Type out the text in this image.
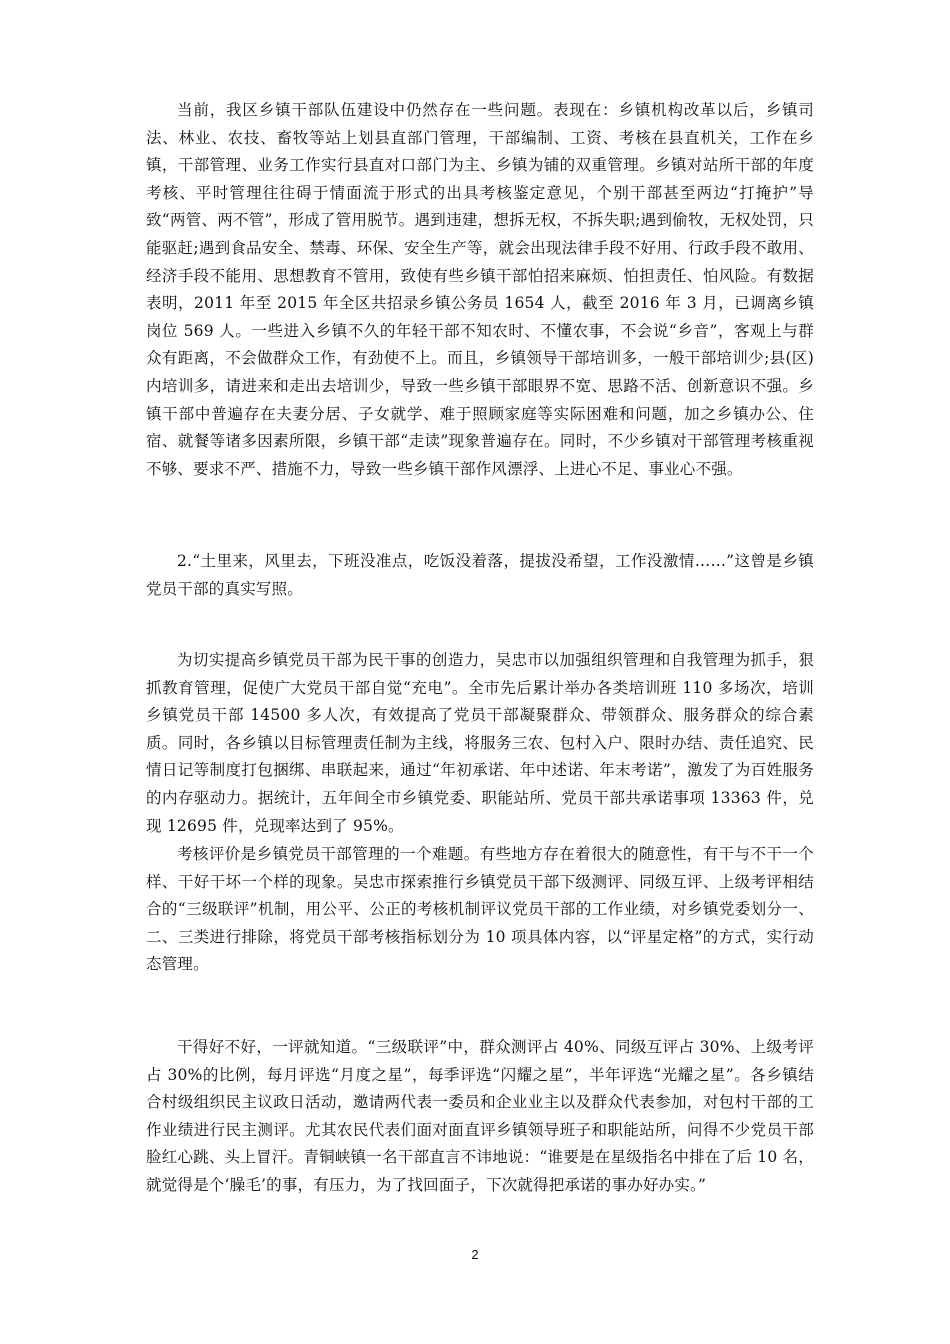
当前，我区乡镇干部队伍建设中仍然存在一些问题。表现在：乡镇机构改革以后，乡镇司法、林业、农技、畜牧等站上划县直部门管理，干部编制、工资、考核在县直机关，工作在乡镇，干部管理、业务工作实行县直对口部门为主、乡镇为铺的双重管理。乡镇对站所干部的年度考核、平时管理往往碍于情面流于形式的出具考核鉴定意见，个别干部甚至两边“打掩护”导致“两管、两不管”，形成了管用脱节。遇到违建，想拆无权，不拆失职;遇到偷牧，无权处罚，只能驱赶;遇到食品安全、禁毒、环保、安全生产等，就会出现法律手段不好用、行政手段不敢用、经济手段不能用、思想教育不管用，致使有些乡镇干部怕招来麻烦、怕担责任、怕风险。有数据表明，2011 年至 2015 年全区共招录乡镇公务员 1654 人，截至 2016 年 3 月，已调离乡镇岗位 569 人。一些进入乡镇不久的年轻干部不知农时、不懂农事，不会说“乡音”，客观上与群众有距离，不会做群众工作，有劲使不上。而且，乡镇领导干部培训多，一般干部培训少;县(区)内培训多，请进来和走出去培训少，导致一些乡镇干部眼界不宽、思路不活、创新意识不强。乡镇干部中普遍存在夫妻分居、子女就学、难于照顾家庭等实际困难和问题，加之乡镇办公、住宿、就餐等诸多因素所限，乡镇干部“走读”现象普遍存在。同时，不少乡镇对干部管理考核重视不够、要求不严、措施不力，导致一些乡镇干部作风漂浮、上进心不足、事业心不强。

2.“土里来，风里去，下班没准点，吃饭没着落，提拔没希望，工作没激情……”这曾是乡镇党员干部的真实写照。

为切实提高乡镇党员干部为民干事的创造力，吴忠市以加强组织管理和自我管理为抓手，狠抓教育管理，促使广大党员干部自觉“充电”。全市先后累计举办各类培训班 110 多场次，培训乡镇党员干部 14500 多人次，有效提高了党员干部凝聚群众、带领群众、服务群众的综合素质。同时，各乡镇以目标管理责任制为主线，将服务三农、包村入户、限时办结、责任追究、民情日记等制度打包捆绑、串联起来，通过“年初承诺、年中述诺、年末考诺”，激发了为百姓服务的内存驱动力。据统计，五年间全市乡镇党委、职能站所、党员干部共承诺事项 13363 件，兑现 12695 件，兑现率达到了 95%。

考核评价是乡镇党员干部管理的一个难题。有些地方存在着很大的随意性，有干与不干一个样、干好干坏一个样的现象。吴忠市探索推行乡镇党员干部下级测评、同级互评、上级考评相结合的“三级联评”机制，用公平、公正的考核机制评议党员干部的工作业绩，对乡镇党委划分一、二、三类进行排除，将党员干部考核指标划分为 10 项具体内容，以“评星定格”的方式，实行动态管理。

干得好不好，一评就知道。“三级联评”中，群众测评占 40%、同级互评占 30%、上级考评占 30%的比例，每月评选“月度之星”，每季评选“闪耀之星”，半年评选“光耀之星”。各乡镇结合村级组织民主议政日活动，邀请两代表一委员和企业业主以及群众代表参加，对包村干部的工作业绩进行民主测评。尤其农民代表们面对面直评乡镇领导班子和职能站所，问得不少党员干部脸红心跳、头上冒汗。青铜峡镇一名干部直言不讳地说：“谁要是在星级指名中排在了后 10 名，就觉得是个‘臊毛’的事，有压力，为了找回面子，下次就得把承诺的事办好办实。”

2
